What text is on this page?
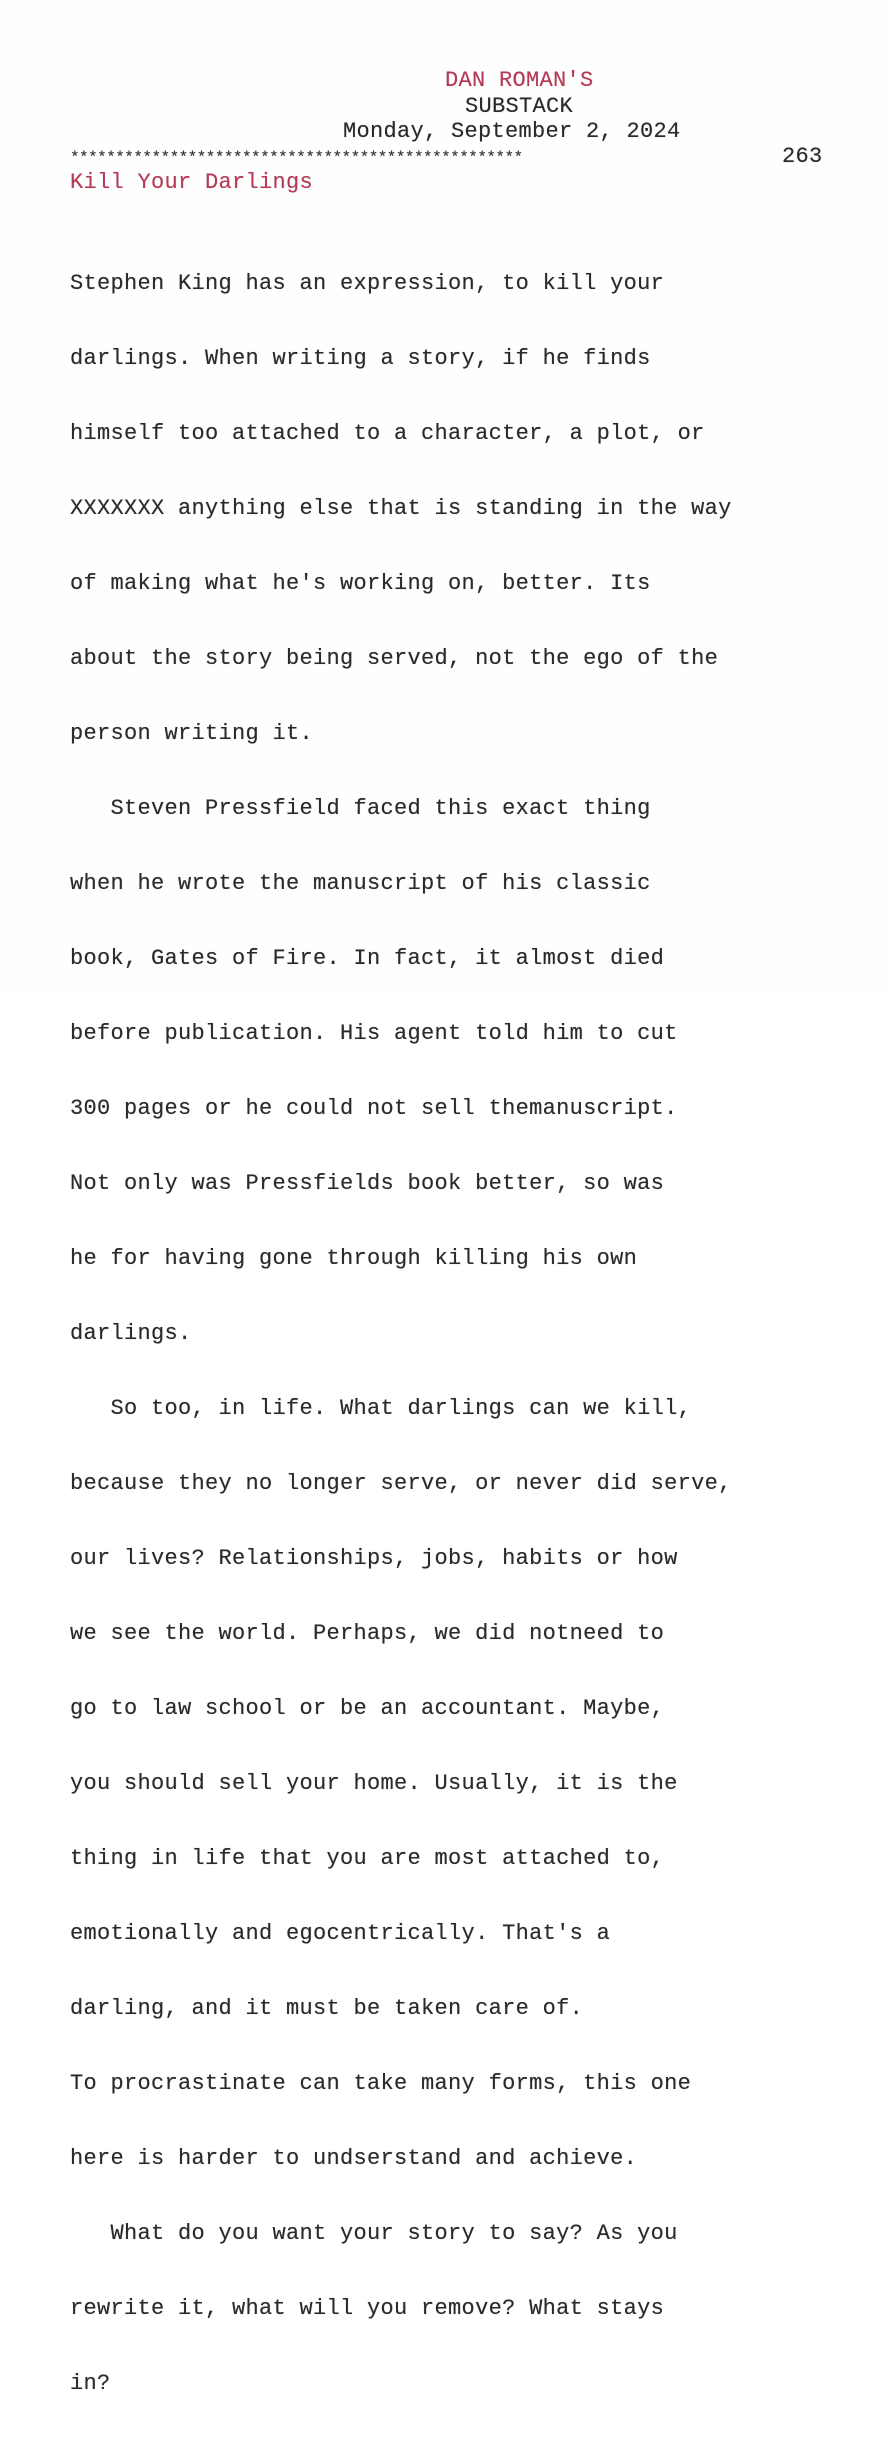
DAN ROMAN'S
SUBSTACK
Monday, September 2, 2024
**************************************************	263
Kill Your Darlings

Stephen King has an expression, to kill your

darlings. When writing a story, if he finds

himself too attached to a character, a plot, or

XXXXXXX anything else that is standing in the way

of making what he's working on, better. Its

about the story being served, not the ego of the

person writing it.

Steven Pressfield faced this exact thing

when he wrote the manuscript of his classic

book, Gates of Fire. In fact, it almost died

before publication. His agent told him to cut

300 pages or he could not sell themanuscript.

Not only was Pressfields book better, so was

he for having gone through killing his own

darlings.

So too, in life. What darlings can we kill,

because they no longer serve, or never did serve,

our lives? Relationships, jobs, habits or how

we see the world. Perhaps, we did notneed to

go to law school or be an accountant. Maybe,

you should sell your home. Usually, it is the

thing in life that you are most attached to,

emotionally and egocentrically. That's a

darling, and it must be taken care of.

To procrastinate can take many forms, this one

here is harder to undserstand and achieve.

What do you want your story to say? As you

rewrite it, what will you remove? What stays

in?
